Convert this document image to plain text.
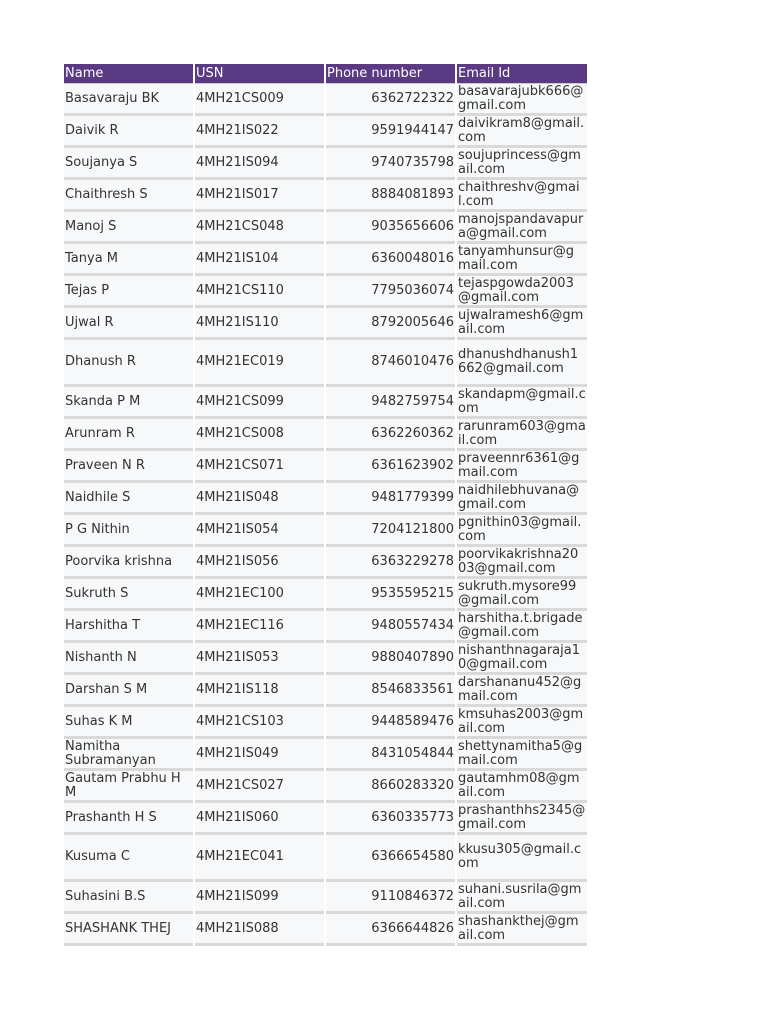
Name	USN	Phone number	Email Id
Basavaraju BK	4MH21CS009	6362722322	basavarajubk666@gmail.com
Daivik R	4MH21IS022	9591944147	daivikram8@gmail.com
Soujanya S	4MH21IS094	9740735798	soujuprincess@gmail.com
Chaithresh S	4MH21IS017	8884081893	chaithreshv@gmail.com
Manoj S	4MH21CS048	9035656606	manojspandavapura@gmail.com
Tanya M	4MH21IS104	6360048016	tanyamhunsur@gmail.com
Tejas P	4MH21CS110	7795036074	tejaspgowda2003@gmail.com
Ujwal R	4MH21IS110	8792005646	ujwalramesh6@gmail.com
Dhanush R	4MH21EC019	8746010476	dhanushdhanush1662@gmail.com
Skanda P M	4MH21CS099	9482759754	skandapm@gmail.com
Arunram R	4MH21CS008	6362260362	rarunram603@gmail.com
Praveen N R	4MH21CS071	6361623902	praveennr6361@gmail.com
Naidhile S	4MH21IS048	9481779399	naidhilebhuvana@gmail.com
P G Nithin	4MH21IS054	7204121800	pgnithin03@gmail.com
Poorvika krishna	4MH21IS056	6363229278	poorvikakrishna2003@gmail.com
Sukruth S	4MH21EC100	9535595215	sukruth.mysore99@gmail.com
Harshitha T	4MH21EC116	9480557434	harshitha.t.brigade@gmail.com
Nishanth N	4MH21IS053	9880407890	nishanthnagaraja10@gmail.com
Darshan S M	4MH21IS118	8546833561	darshananu452@gmail.com
Suhas K M	4MH21CS103	9448589476	kmsuhas2003@gmail.com
Namitha Subramanyan	4MH21IS049	8431054844	shettynamitha5@gmail.com
Gautam Prabhu H M	4MH21CS027	8660283320	gautamhm08@gmail.com
Prashanth H S	4MH21IS060	6360335773	prashanthhs2345@gmail.com
Kusuma C	4MH21EC041	6366654580	kkusu305@gmail.com
Suhasini B.S	4MH21IS099	9110846372	suhani.susrila@gmail.com
SHASHANK THEJ	4MH21IS088	6366644826	shashankthej@gmail.com
